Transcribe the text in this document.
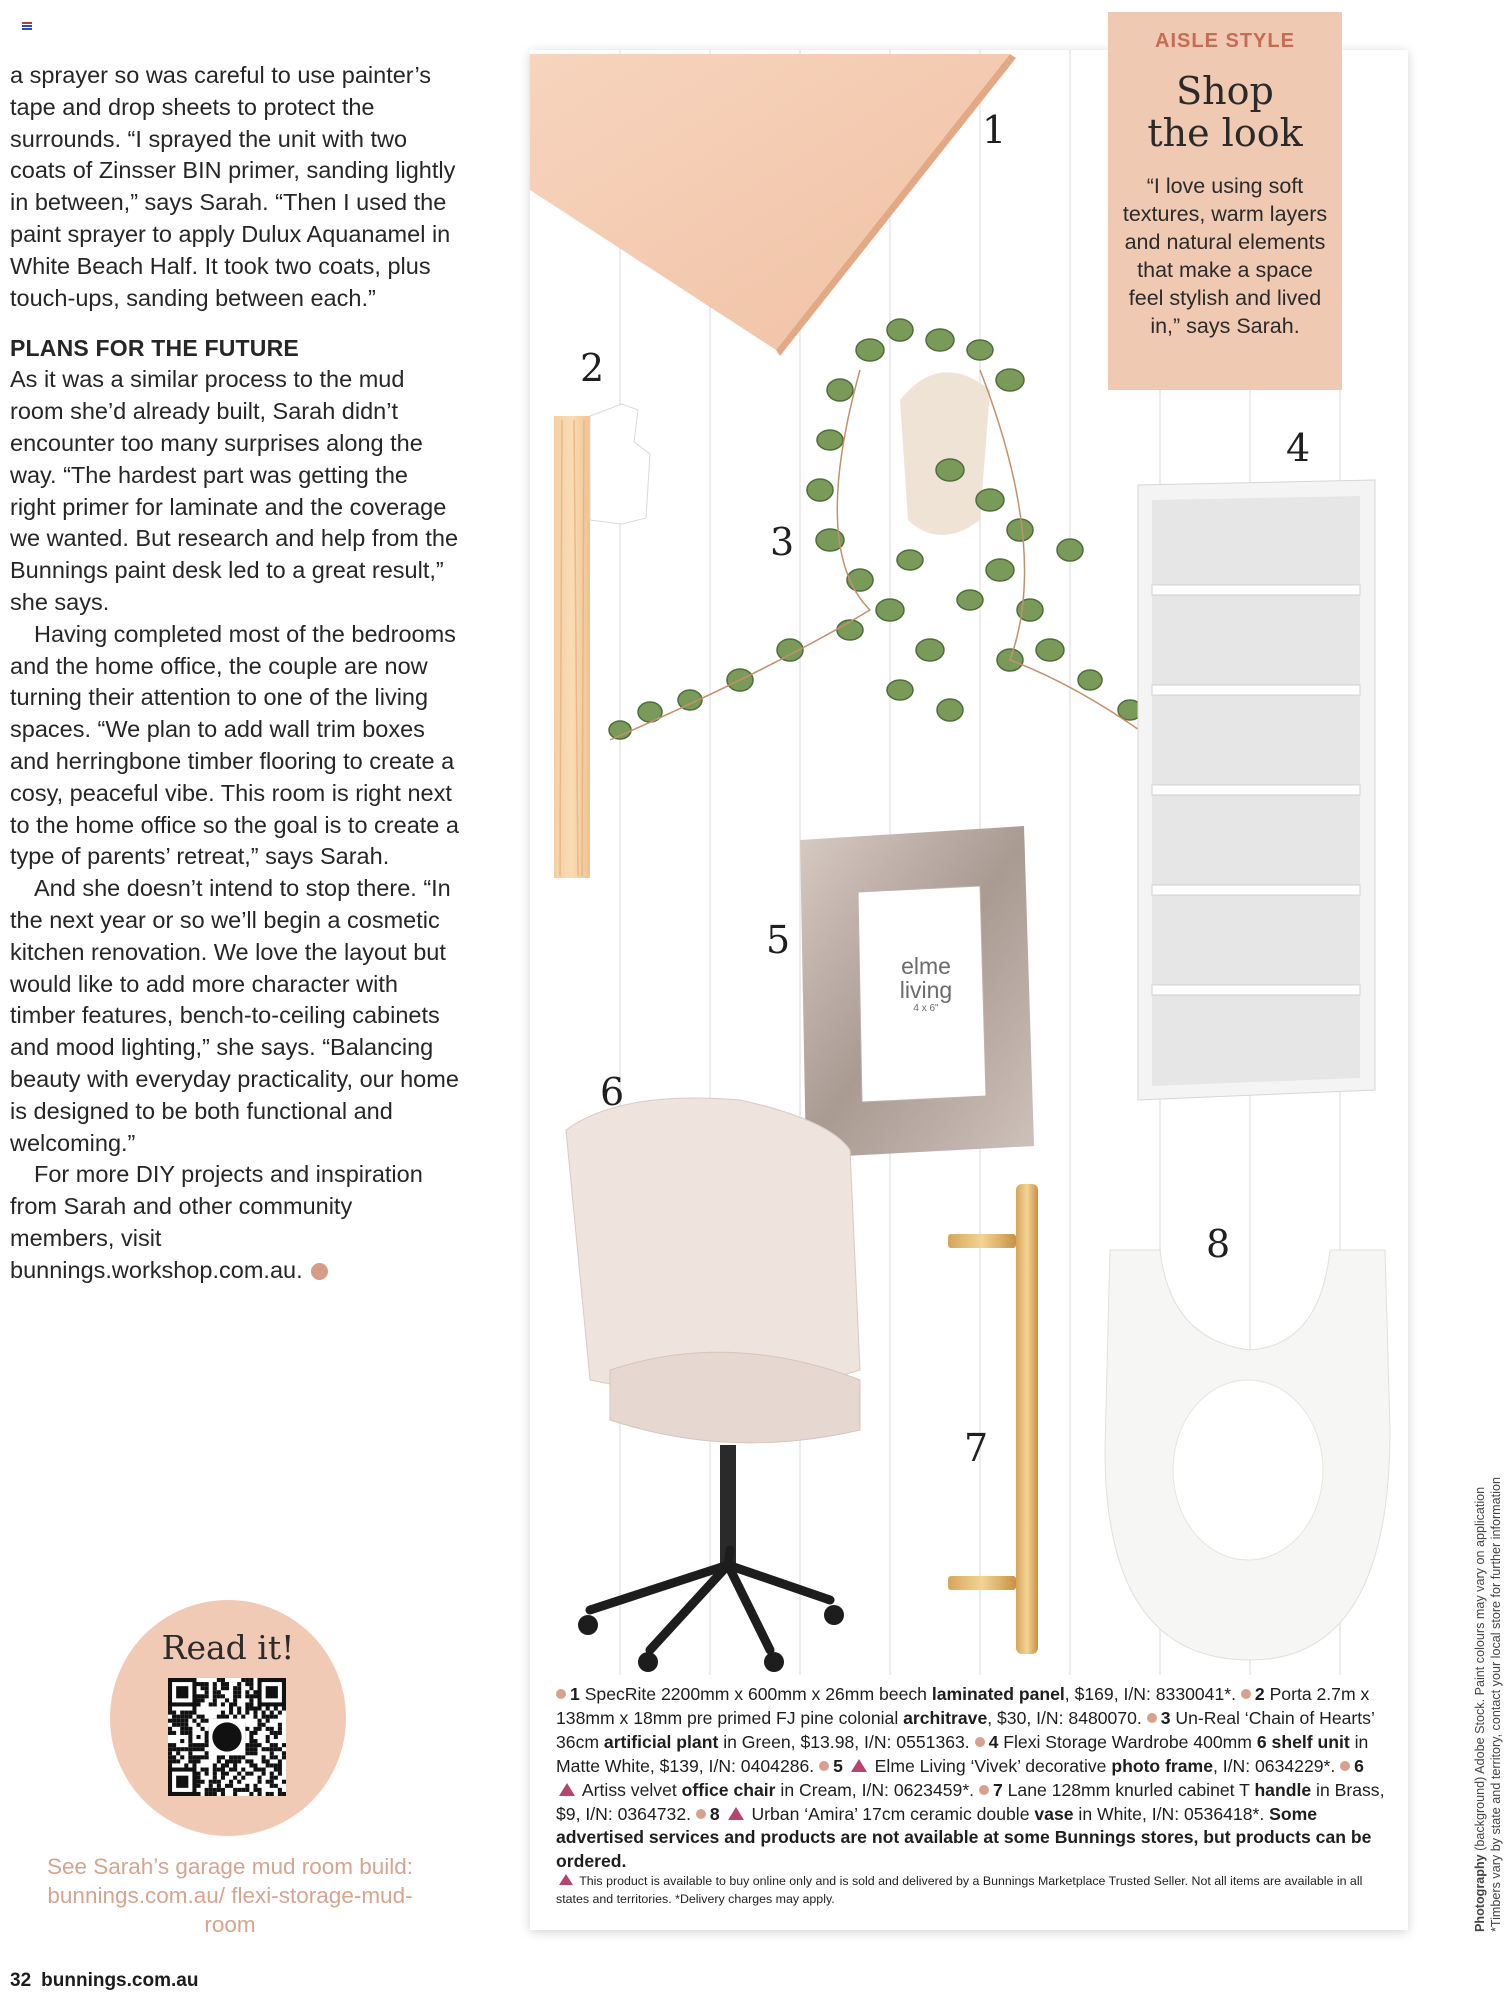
a sprayer so was careful to use painter’s tape and drop sheets to protect the surrounds. “I sprayed the unit with two coats of Zinsser BIN primer, sanding lightly in between,” says Sarah. “Then I used the paint sprayer to apply Dulux Aquanamel in White Beach Half. It took two coats, plus touch-ups, sanding between each.”

PLANS FOR THE FUTURE

As it was a similar process to the mud room she’d already built, Sarah didn’t encounter too many surprises along the way. “The hardest part was getting the right primer for laminate and the coverage we wanted. But research and help from the Bunnings paint desk led to a great result,” she says.

Having completed most of the bedrooms and the home office, the couple are now turning their attention to one of the living spaces. “We plan to add wall trim boxes and herringbone timber flooring to create a cosy, peaceful vibe. This room is right next to the home office so the goal is to create a type of parents’ retreat,” says Sarah.

And she doesn’t intend to stop there. “In the next year or so we’ll begin a cosmetic kitchen renovation. We love the layout but would like to add more character with timber features, bench-to-ceiling cabinets and mood lighting,” she says. “Balancing beauty with everyday practicality, our home is designed to be both functional and welcoming.”

For more DIY projects and inspiration from Sarah and other community members, visit bunnings.workshop.com.au.

Read it!
See Sarah’s garage mud room build: bunnings.com.au/ flexi-storage-mud-room
32 bunnings.com.au
1
2
3
4
5
6
7
8
elme
living
4 x 6"
AISLE STYLE
Shop
the look
“I love using soft textures, warm layers and natural elements that make a space feel stylish and lived in,” says Sarah.
1 SpecRite 2200mm x 600mm x 26mm beech laminated panel, $169, I/N: 8330041*. 2 Porta 2.7m x 138mm x 18mm pre primed FJ pine colonial architrave, $30, I/N: 8480070. 3 Un-Real ‘Chain of Hearts’ 36cm artificial plant in Green, $13.98, I/N: 0551363. 4 Flexi Storage Wardrobe 400mm 6 shelf unit in Matte White, $139, I/N: 0404286. 5  Elme Living ‘Vivek’ decorative photo frame, I/N: 0634229*. 6  Artiss velvet office chair in Cream, I/N: 0623459*. 7 Lane 128mm knurled cabinet T handle in Brass, $9, I/N: 0364732. 8  Urban ‘Amira’ 17cm ceramic double vase in White, I/N: 0536418*. Some advertised services and products are not available at some Bunnings stores, but products can be ordered.
This product is available to buy online only and is sold and delivered by a Bunnings Marketplace Trusted Seller. Not all items are available in all states and territories. *Delivery charges may apply.	Photography (background) Adobe Stock. Paint colours may vary on application *Timbers vary by state and territory, contact your local store for further information
